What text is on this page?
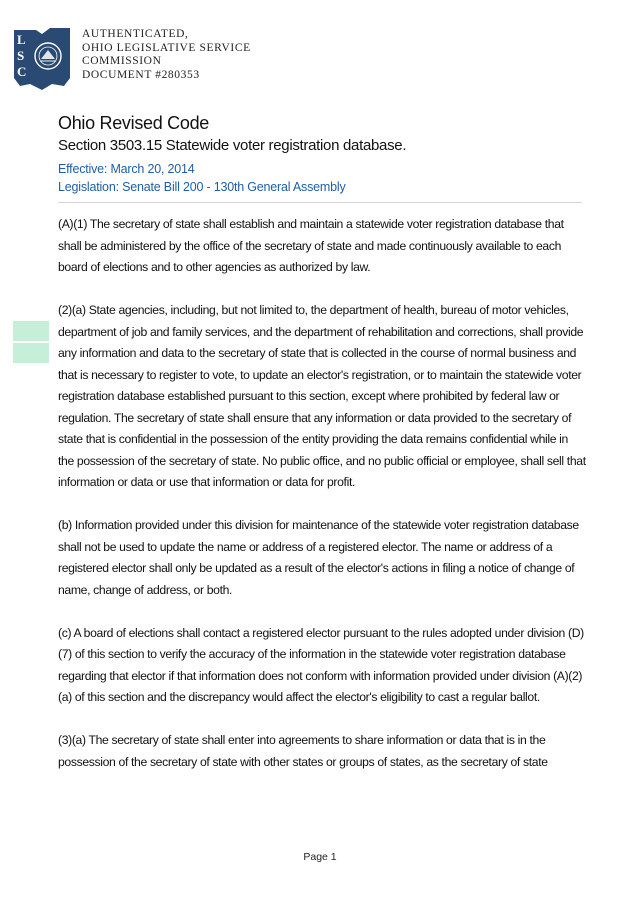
L
S
C
AUTHENTICATED,
OHIO LEGISLATIVE SERVICE
COMMISSION
DOCUMENT #280353
Ohio Revised Code
Section 3503.15 Statewide voter registration database.
Effective: March 20, 2014
Legislation: Senate Bill 200 - 130th General Assembly

(A)(1) The secretary of state shall establish and maintain a statewide voter registration database that shall be administered by the office of the secretary of state and made continuously available to each board of elections and to other agencies as authorized by law.

(2)(a) State agencies, including, but not limited to, the department of health, bureau of motor vehicles, department of job and family services, and the department of rehabilitation and corrections, shall provide any information and data to the secretary of state that is collected in the course of normal business and that is necessary to register to vote, to update an elector's registration, or to maintain the statewide voter registration database established pursuant to this section, except where prohibited by federal law or regulation. The secretary of state shall ensure that any information or data provided to the secretary of state that is confidential in the possession of the entity providing the data remains confidential while in the possession of the secretary of state. No public office, and no public official or employee, shall sell that information or data or use that information or data for profit.

(b) Information provided under this division for maintenance of the statewide voter registration database shall not be used to update the name or address of a registered elector. The name or address of a registered elector shall only be updated as a result of the elector's actions in filing a notice of change of name, change of address, or both.

(c) A board of elections shall contact a registered elector pursuant to the rules adopted under division (D)(7) of this section to verify the accuracy of the information in the statewide voter registration database regarding that elector if that information does not conform with information provided under division (A)(2)(a) of this section and the discrepancy would affect the elector's eligibility to cast a regular ballot.

(3)(a) The secretary of state shall enter into agreements to share information or data that is in the possession of the secretary of state with other states or groups of states, as the secretary of state

Page 1
